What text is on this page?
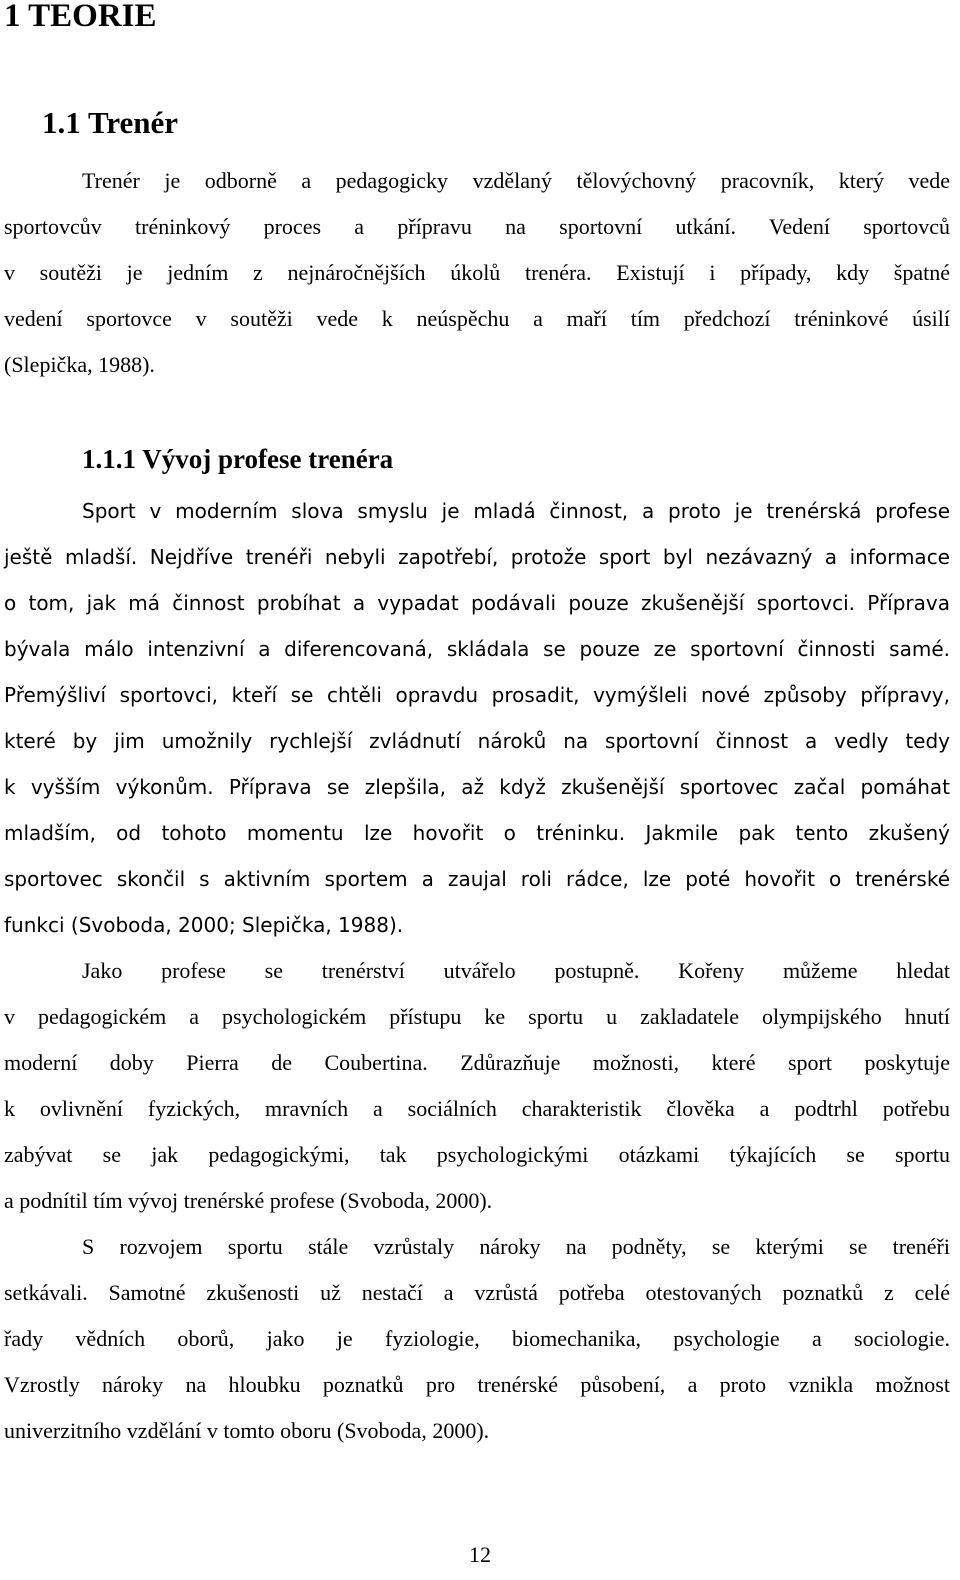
1 TEORIE
1.1 Trenér
Trenér je odborně a pedagogicky vzdělaný tělovýchovný pracovník, který vede
sportovcův tréninkový proces a přípravu na sportovní utkání. Vedení sportovců
v soutěži je jedním z nejnáročnějších úkolů trenéra. Existují i případy, kdy špatné
vedení sportovce v soutěži vede k neúspěchu a maří tím předchozí tréninkové úsilí
(Slepička, 1988).
1.1.1 Vývoj profese trenéra
Sport v moderním slova smyslu je mladá činnost, a proto je trenérská profese
ještě mladší. Nejdříve trenéři nebyli zapotřebí, protože sport byl nezávazný a informace
o tom, jak má činnost probíhat a vypadat podávali pouze zkušenější sportovci. Příprava
bývala málo intenzivní a diferencovaná, skládala se pouze ze sportovní činnosti samé.
Přemýšliví sportovci, kteří se chtěli opravdu prosadit, vymýšleli nové způsoby přípravy,
které by jim umožnily rychlejší zvládnutí nároků na sportovní činnost a vedly tedy
k vyšším výkonům. Příprava se zlepšila, až když zkušenější sportovec začal pomáhat
mladším, od tohoto momentu lze hovořit o tréninku. Jakmile pak tento zkušený
sportovec skončil s aktivním sportem a zaujal roli rádce, lze poté hovořit o trenérské
funkci (Svoboda, 2000; Slepička, 1988).
Jako profese se trenérství utvářelo postupně. Kořeny můžeme hledat
v pedagogickém a psychologickém přístupu ke sportu u zakladatele olympijského hnutí
moderní doby Pierra de Coubertina. Zdůrazňuje možnosti, které sport poskytuje
k ovlivnění fyzických, mravních a sociálních charakteristik člověka a podtrhl potřebu
zabývat se jak pedagogickými, tak psychologickými otázkami týkajících se sportu
a podnítil tím vývoj trenérské profese (Svoboda, 2000).
S rozvojem sportu stále vzrůstaly nároky na podněty, se kterými se trenéři
setkávali. Samotné zkušenosti už nestačí a vzrůstá potřeba otestovaných poznatků z celé
řady vědních oborů, jako je fyziologie, biomechanika, psychologie a sociologie.
Vzrostly nároky na hloubku poznatků pro trenérské působení, a proto vznikla možnost
univerzitního vzdělání v tomto oboru (Svoboda, 2000).
12
